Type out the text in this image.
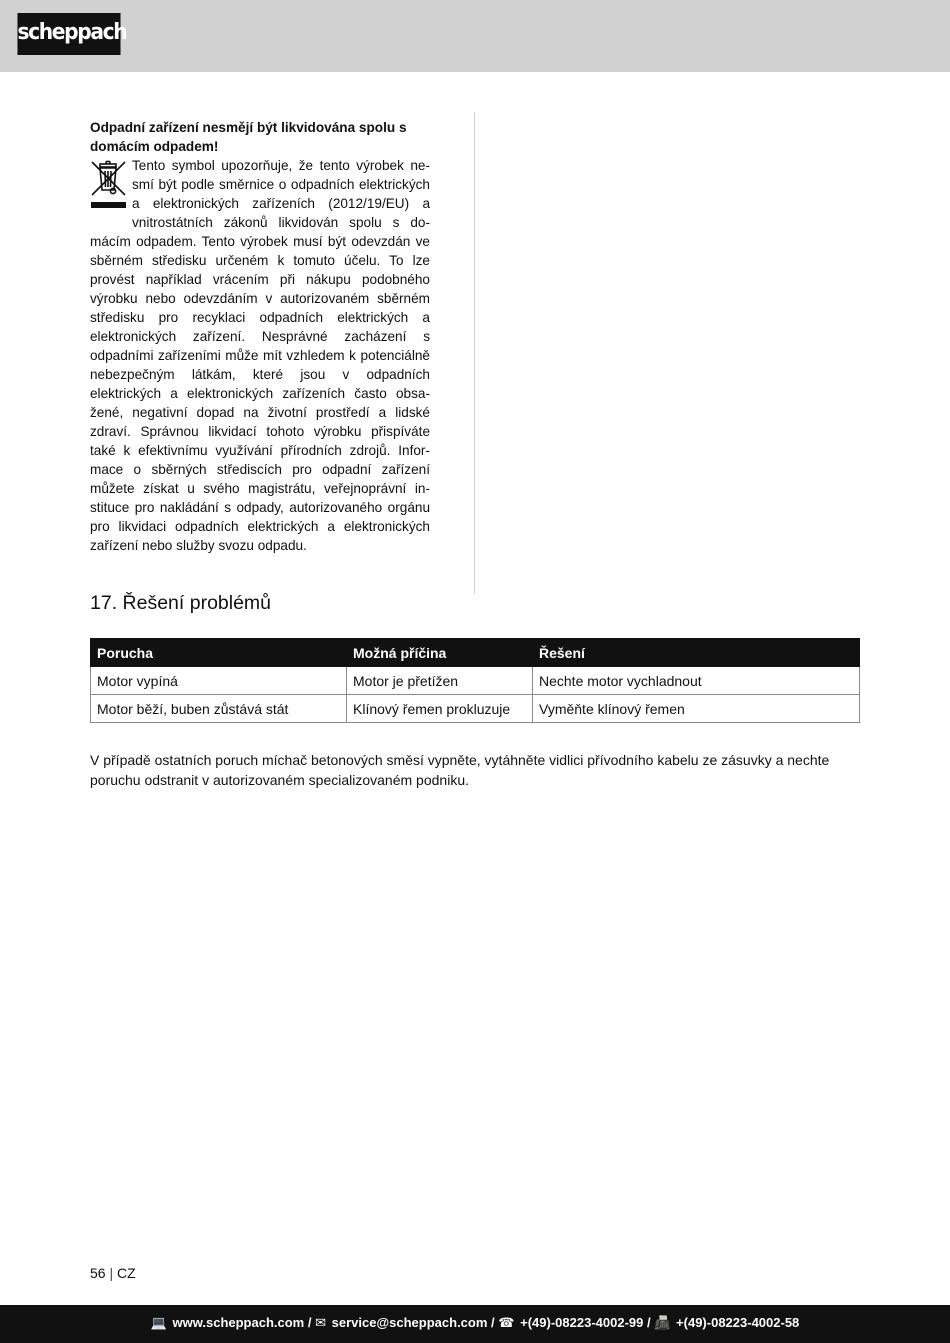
scheppach

Odpadní zařízení nesmějí být likvidována spolu s domácím odpadem!

Tento symbol upozorňuje, že tento výrobek nesmí být podle směrnice o odpadních elektrických a elektronických zařízeních (2012/19/EU) a vnitrostátních zákonů likvidován spolu s domácím odpadem. Tento výrobek musí být odevzdán ve sběrném středisku určeném k tomuto účelu. To lze provést například vrácením při nákupu podobného výrobku nebo odevzdáním v autorizovaném sběrném středisku pro recyklaci odpadních elektrických a elektronických zařízení. Nesprávné zacházení s odpadními zařízeními může mít vzhledem k potenciálně nebezpečným látkám, které jsou v odpadních elektrických a elektronických zařízeních často obsažené, negativní dopad na životní prostředí a lidské zdraví. Správnou likvidací tohoto výrobku přispíváte také k efektivnímu využívání přírodních zdrojů. Informace o sběrných střediscích pro odpadní zařízení můžete získat u svého magistrátu, veřejnoprávní instituce pro nakládání s odpady, autorizovaného orgánu pro likvidaci odpadních elektrických a elektronických zařízení nebo služby svozu odpadu.

17. Řešení problémů
Porucha	Možná příčina	Řešení
Motor vypíná	Motor je přetížen	Nechte motor vychladnout
Motor běží, buben zůstává stát	Klínový řemen prokluzuje	Vyměňte klínový řemen

V případě ostatních poruch míchač betonových směsí vypněte, vytáhněte vidlici přívodního kabelu ze zásuvky a nechte poruchu odstranit v autorizovaném specializovaném podniku.

56 | CZ
💻 www.scheppach.com / ✉ service@scheppach.com / ☎ +(49)-08223-4002-99 / 📠 +(49)-08223-4002-58
